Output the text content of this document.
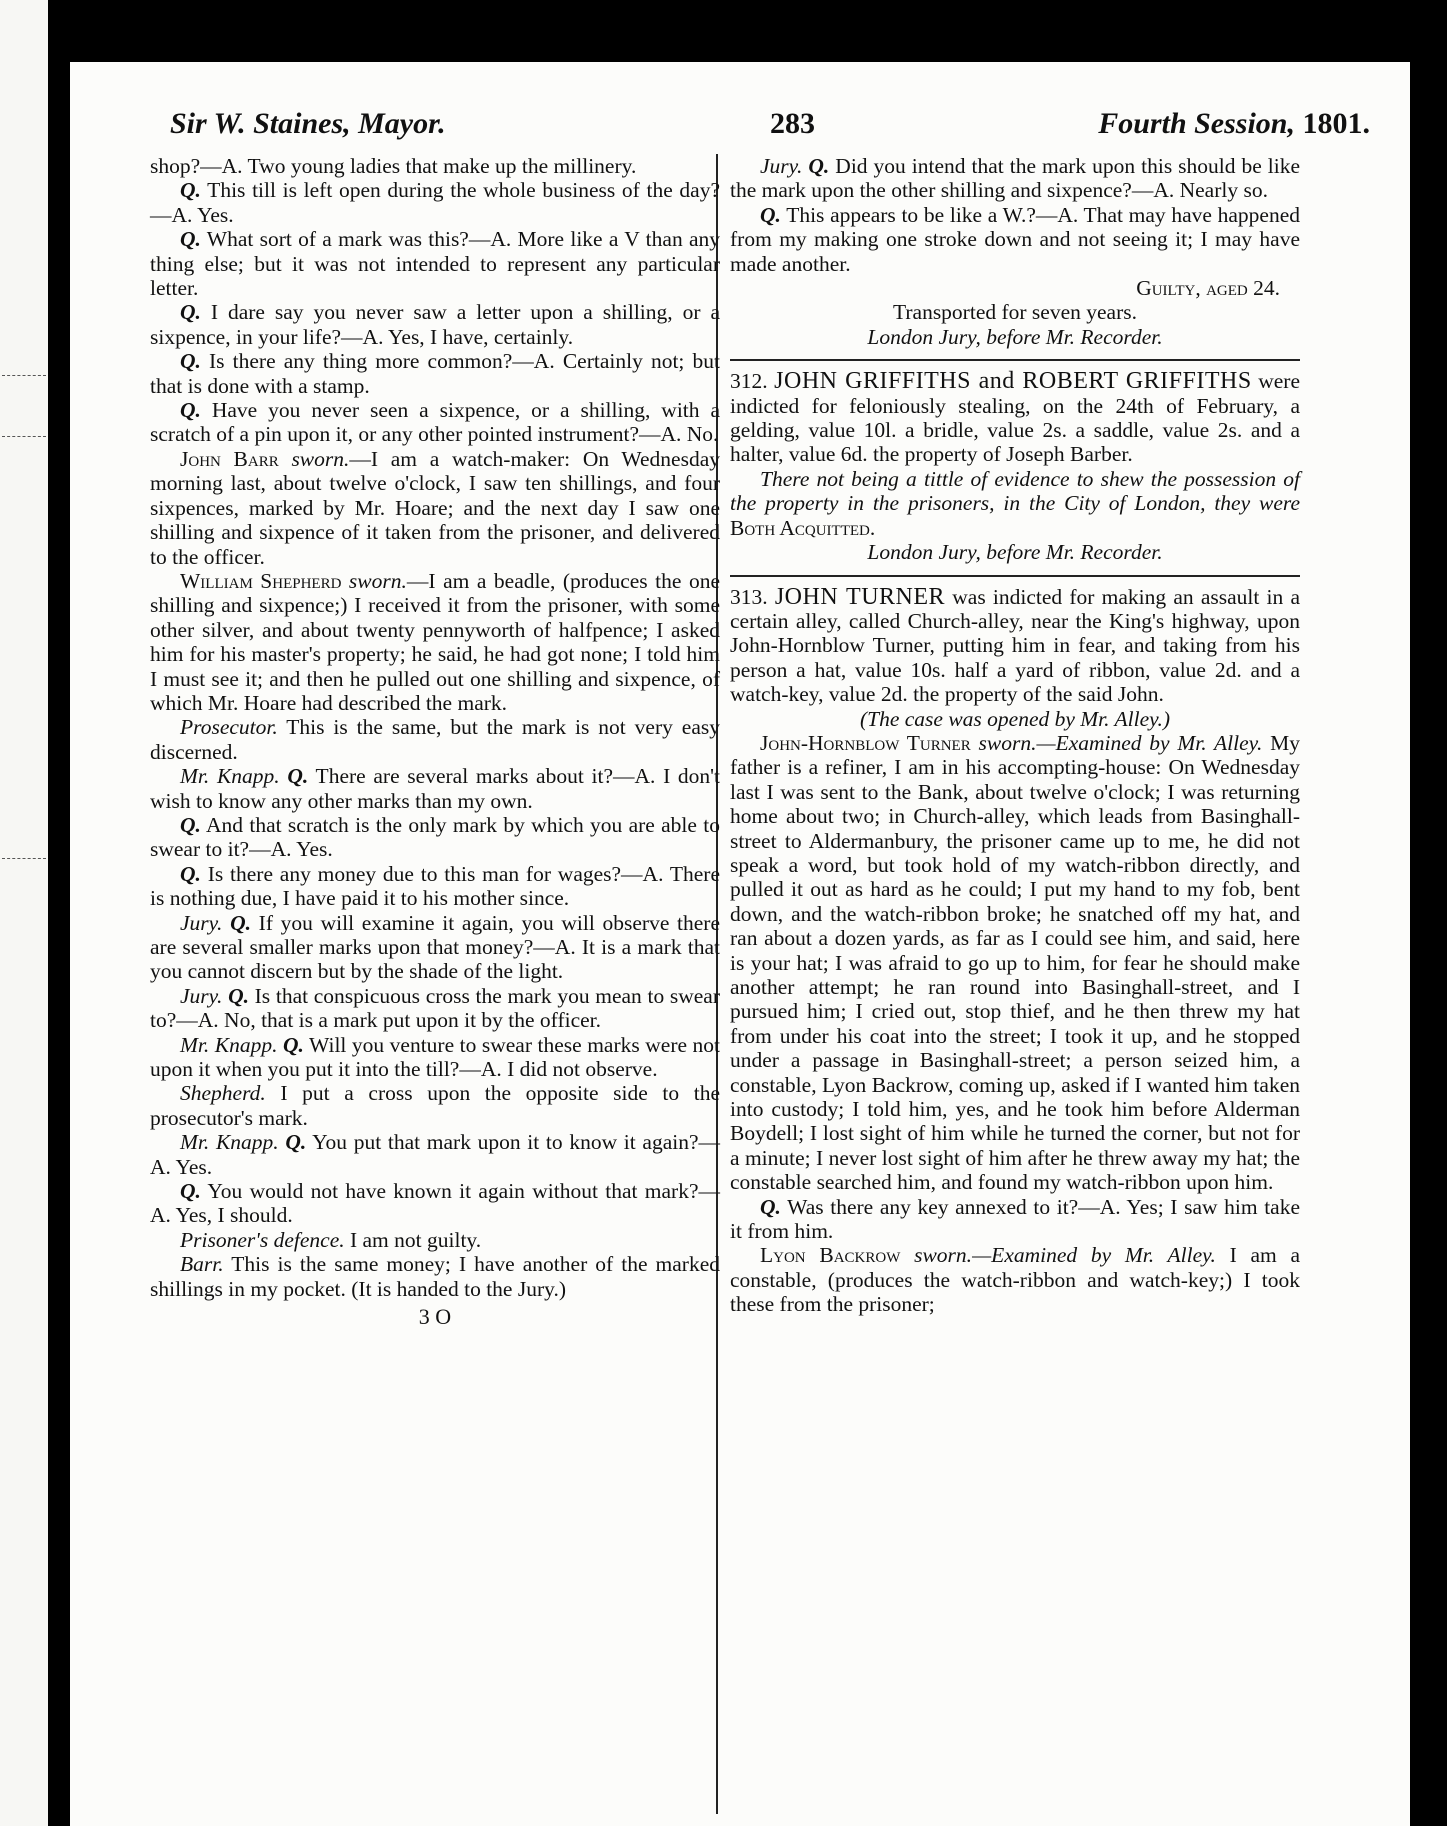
Sir W. Staines, Mayor.	283	Fourth Session, 1801.

shop?—A. Two young ladies that make up the millinery.

Q. This till is left open during the whole business of the day?—A. Yes.

Q. What sort of a mark was this?—A. More like a V than any thing else; but it was not intended to represent any particular letter.

Q. I dare say you never saw a letter upon a shilling, or a sixpence, in your life?—A. Yes, I have, certainly.

Q. Is there any thing more common?—A. Certainly not; but that is done with a stamp.

Q. Have you never seen a sixpence, or a shilling, with a scratch of a pin upon it, or any other pointed instrument?—A. No.

John Barr sworn.—I am a watch-maker: On Wednesday morning last, about twelve o'clock, I saw ten shillings, and four sixpences, marked by Mr. Hoare; and the next day I saw one shilling and sixpence of it taken from the prisoner, and delivered to the officer.

William Shepherd sworn.—I am a beadle, (produces the one shilling and sixpence;) I received it from the prisoner, with some other silver, and about twenty pennyworth of halfpence; I asked him for his master's property; he said, he had got none; I told him I must see it; and then he pulled out one shilling and sixpence, of which Mr. Hoare had described the mark.

Prosecutor. This is the same, but the mark is not very easy discerned.

Mr. Knapp. Q. There are several marks about it?—A. I don't wish to know any other marks than my own.

Q. And that scratch is the only mark by which you are able to swear to it?—A. Yes.

Q. Is there any money due to this man for wages?—A. There is nothing due, I have paid it to his mother since.

Jury. Q. If you will examine it again, you will observe there are several smaller marks upon that money?—A. It is a mark that you cannot discern but by the shade of the light.

Jury. Q. Is that conspicuous cross the mark you mean to swear to?—A. No, that is a mark put upon it by the officer.

Mr. Knapp. Q. Will you venture to swear these marks were not upon it when you put it into the till?—A. I did not observe.

Shepherd. I put a cross upon the opposite side to the prosecutor's mark.

Mr. Knapp. Q. You put that mark upon it to know it again?—A. Yes.

Q. You would not have known it again without that mark?—A. Yes, I should.

Prisoner's defence. I am not guilty.

Barr. This is the same money; I have another of the marked shillings in my pocket. (It is handed to the Jury.)

3 O

Jury. Q. Did you intend that the mark upon this should be like the mark upon the other shilling and sixpence?—A. Nearly so.

Q. This appears to be like a W.?—A. That may have happened from my making one stroke down and not seeing it; I may have made another.

Guilty, aged 24.

Transported for seven years.

London Jury, before Mr. Recorder.

312. JOHN GRIFFITHS and ROBERT GRIFFITHS were indicted for feloniously stealing, on the 24th of February, a gelding, value 10l. a bridle, value 2s. a saddle, value 2s. and a halter, value 6d. the property of Joseph Barber.

There not being a tittle of evidence to shew the possession of the property in the prisoners, in the City of London, they were Both Acquitted.

London Jury, before Mr. Recorder.

313. JOHN TURNER was indicted for making an assault in a certain alley, called Church-alley, near the King's highway, upon John-Hornblow Turner, putting him in fear, and taking from his person a hat, value 10s. half a yard of ribbon, value 2d. and a watch-key, value 2d. the property of the said John.

(The case was opened by Mr. Alley.)

John-Hornblow Turner sworn.—Examined by Mr. Alley. My father is a refiner, I am in his accompting-house: On Wednesday last I was sent to the Bank, about twelve o'clock; I was returning home about two; in Church-alley, which leads from Basinghall-street to Aldermanbury, the prisoner came up to me, he did not speak a word, but took hold of my watch-ribbon directly, and pulled it out as hard as he could; I put my hand to my fob, bent down, and the watch-ribbon broke; he snatched off my hat, and ran about a dozen yards, as far as I could see him, and said, here is your hat; I was afraid to go up to him, for fear he should make another attempt; he ran round into Basinghall-street, and I pursued him; I cried out, stop thief, and he then threw my hat from under his coat into the street; I took it up, and he stopped under a passage in Basinghall-street; a person seized him, a constable, Lyon Backrow, coming up, asked if I wanted him taken into custody; I told him, yes, and he took him before Alderman Boydell; I lost sight of him while he turned the corner, but not for a minute; I never lost sight of him after he threw away my hat; the constable searched him, and found my watch-ribbon upon him.

Q. Was there any key annexed to it?—A. Yes; I saw him take it from him.

Lyon Backrow sworn.—Examined by Mr. Alley. I am a constable, (produces the watch-ribbon and watch-key;) I took these from the prisoner;
